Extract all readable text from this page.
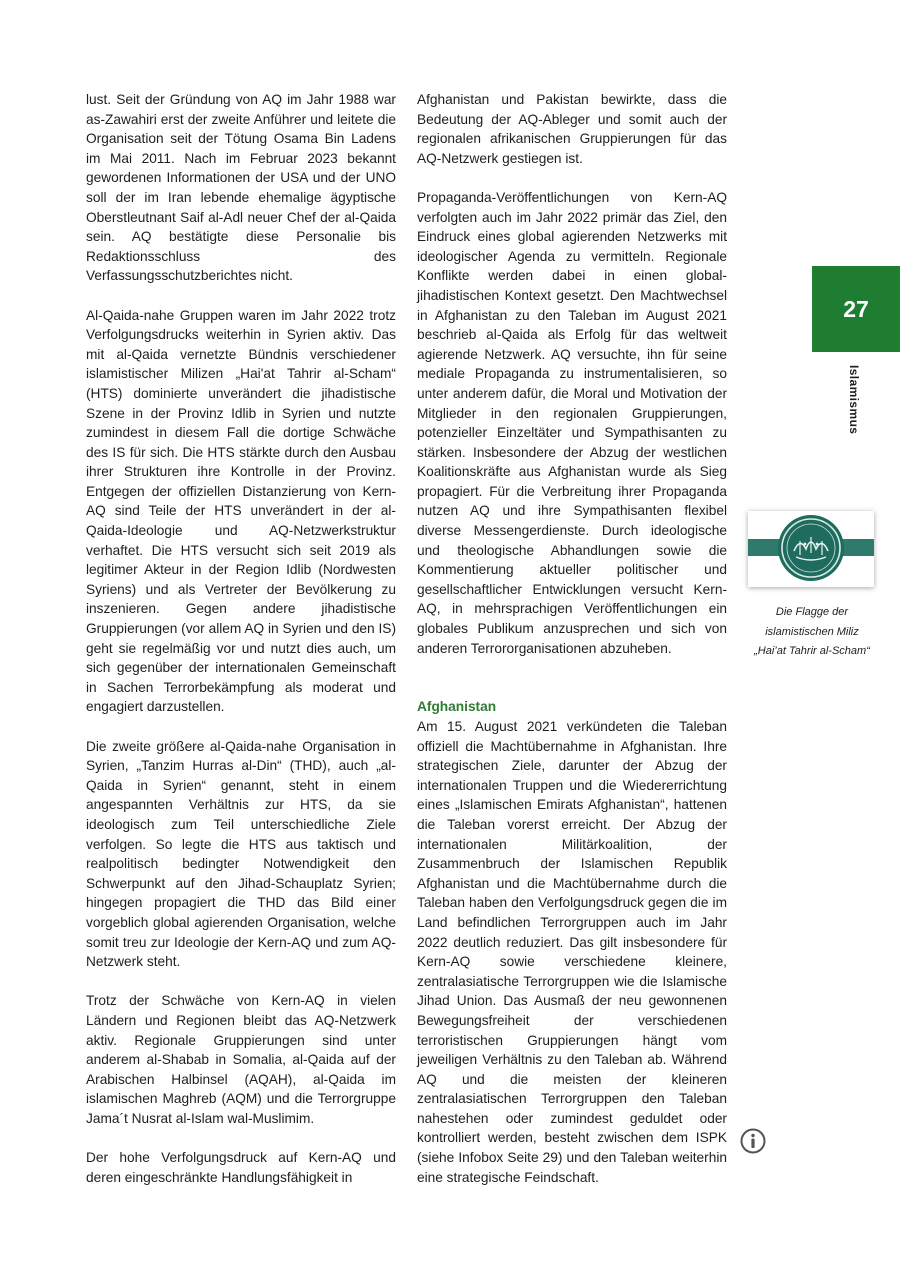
lust. Seit der Gründung von AQ im Jahr 1988 war as-Zawahiri erst der zweite Anführer und leitete die Organisation seit der Tötung Osama Bin Ladens im Mai 2011. Nach im Februar 2023 bekannt gewordenen Informationen der USA und der UNO soll der im Iran lebende ehemalige ägyptische Oberstleutnant Saif al-Adl neuer Chef der al-Qaida sein. AQ bestätigte diese Personalie bis Redaktionsschluss des Verfassungsschutzberichtes nicht.

Al-Qaida-nahe Gruppen waren im Jahr 2022 trotz Verfolgungsdrucks weiterhin in Syrien aktiv. Das mit al-Qaida vernetzte Bündnis verschiedener islamistischer Milizen „Hai'at Tahrir al-Scham“ (HTS) dominierte unverändert die jihadistische Szene in der Provinz Idlib in Syrien und nutzte zumindest in diesem Fall die dortige Schwäche des IS für sich. Die HTS stärkte durch den Ausbau ihrer Strukturen ihre Kontrolle in der Provinz. Entgegen der offiziellen Distanzierung von Kern-AQ sind Teile der HTS unverändert in der al-Qaida-Ideologie und AQ-Netzwerkstruktur verhaftet. Die HTS versucht sich seit 2019 als legitimer Akteur in der Region Idlib (Nordwesten Syriens) und als Vertreter der Bevölkerung zu inszenieren. Gegen andere jihadistische Gruppierungen (vor allem AQ in Syrien und den IS) geht sie regelmäßig vor und nutzt dies auch, um sich gegenüber der internationalen Gemeinschaft in Sachen Terrorbekämpfung als moderat und engagiert darzustellen.

Die zweite größere al-Qaida-nahe Organisation in Syrien, „Tanzim Hurras al-Din“ (THD), auch „al-Qaida in Syrien“ genannt, steht in einem angespannten Verhältnis zur HTS, da sie ideologisch zum Teil unterschiedliche Ziele verfolgen. So legte die HTS aus taktisch und realpolitisch bedingter Notwendigkeit den Schwerpunkt auf den Jihad-Schauplatz Syrien; hingegen propagiert die THD das Bild einer vorgeblich global agierenden Organisation, welche somit treu zur Ideologie der Kern-AQ und zum AQ-Netzwerk steht.

Trotz der Schwäche von Kern-AQ in vielen Ländern und Regionen bleibt das AQ-Netzwerk aktiv. Regionale Gruppierungen sind unter anderem al-Shabab in Somalia, al-Qaida auf der Arabischen Halbinsel (AQAH), al-Qaida im islamischen Maghreb (AQM) und die Terrorgruppe Jama´t Nusrat al-Islam wal-Muslimim.

Der hohe Verfolgungsdruck auf Kern-AQ und deren eingeschränkte Handlungsfähigkeit in

Afghanistan und Pakistan bewirkte, dass die Bedeutung der AQ-Ableger und somit auch der regionalen afrikanischen Gruppierungen für das AQ-Netzwerk gestiegen ist.

Propaganda-Veröffentlichungen von Kern-AQ verfolgten auch im Jahr 2022 primär das Ziel, den Eindruck eines global agierenden Netzwerks mit ideologischer Agenda zu vermitteln. Regionale Konflikte werden dabei in einen global-jihadistischen Kontext gesetzt. Den Machtwechsel in Afghanistan zu den Taleban im August 2021 beschrieb al-Qaida als Erfolg für das weltweit agierende Netzwerk. AQ versuchte, ihn für seine mediale Propaganda zu instrumentalisieren, so unter anderem dafür, die Moral und Motivation der Mitglieder in den regionalen Gruppierungen, potenzieller Einzeltäter und Sympathisanten zu stärken. Insbesondere der Abzug der westlichen Koalitionskräfte aus Afghanistan wurde als Sieg propagiert. Für die Verbreitung ihrer Propaganda nutzen AQ und ihre Sympathisanten flexibel diverse Messengerdienste. Durch ideologische und theologische Abhandlungen sowie die Kommentierung aktueller politischer und gesellschaftlicher Entwicklungen versucht Kern-AQ, in mehrsprachigen Veröffentlichungen ein globales Publikum anzusprechen und sich von anderen Terrororganisationen abzuheben.

Afghanistan

Am 15. August 2021 verkündeten die Taleban offiziell die Machtübernahme in Afghanistan. Ihre strategischen Ziele, darunter der Abzug der internationalen Truppen und die Wiedererrichtung eines „Islamischen Emirats Afghanistan“, hattenen die Taleban vorerst erreicht. Der Abzug der internationalen Militärkoalition, der Zusammenbruch der Islamischen Republik Afghanistan und die Machtübernahme durch die Taleban haben den Verfolgungsdruck gegen die im Land befindlichen Terrorgruppen auch im Jahr 2022 deutlich reduziert. Das gilt insbesondere für Kern-AQ sowie verschiedene kleinere, zentralasiatische Terrorgruppen wie die Islamische Jihad Union. Das Ausmaß der neu gewonnenen Bewegungsfreiheit der verschiedenen terroristischen Gruppierungen hängt vom jeweiligen Verhältnis zu den Taleban ab. Während AQ und die meisten der kleineren zentralasiatischen Terrorgruppen den Taleban nahestehen oder zumindest geduldet oder kontrolliert werden, besteht zwischen dem ISPK (siehe Infobox Seite 29) und den Taleban weiterhin eine strategische Feindschaft.

27
Islamismus
Die Flagge der
islamistischen Miliz
„Hai’at Tahrir al-Scham“
